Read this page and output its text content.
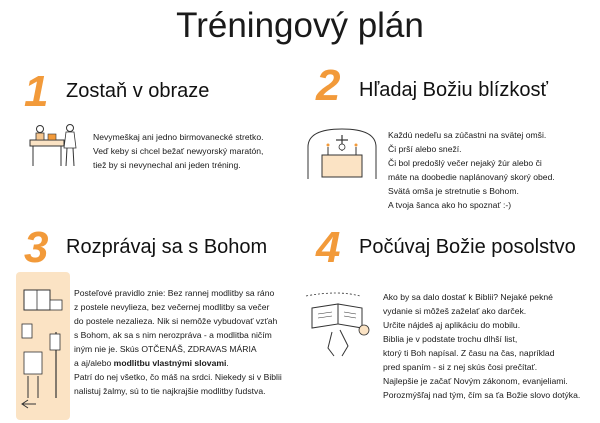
Tréningový plán
1 Zostaň v obraze
Nevymeškaj ani jedno birmovanecké stretko.
Veď keby si chcel bežať newyorský maratón,
tiež by si nevynechal ani jeden tréning.
2 Hľadaj Božiu blízkosť
Každú nedeľu sa zúčastni na svätej omši.
Či prší alebo sneží.
Či bol predošlý večer nejaký žúr alebo či
máte na doobedie naplánovaný skorý obed.
Svätá omša je stretnutie s Bohom.
A tvoja šanca ako ho spoznať :-)
3 Rozprávaj sa s Bohom
Posteľové pravidlo znie: Bez rannej modlitby sa ráno
z postele nevylieza, bez večernej modlitby sa večer
do postele nezalieza. Nik si nemôže vybudovať vzťah
s Bohom, ak sa s nim nerozpráva - a modlitba ničím
iným nie je. Skús OTČENÁŠ, ZDRAVAS MÁRIA
a aj/alebo modlitbu vlastnými slovami.
Patrí do nej všetko, čo máš na srdci. Niekedy si v Biblii
nalistuj žalmy, sú to tie najkrajšie modlitby ľudstva.
4 Počúvaj Božie posolstvo
Ako by sa dalo dostať k Biblii? Nejaké pekné
vydanie si môžeš zaželať ako darček.
Určite nájdeš aj aplikáciu do mobilu.
Biblia je v podstate trochu dlhší list,
ktorý ti Boh napísal. Z času na čas, napríklad
pred spaním - si z nej skús čosi prečítať.
Najlepšie je začať Novým zákonom, evanjeliami.
Porozmýšľaj nad tým, čím sa ťa Božie slovo dotýka.
